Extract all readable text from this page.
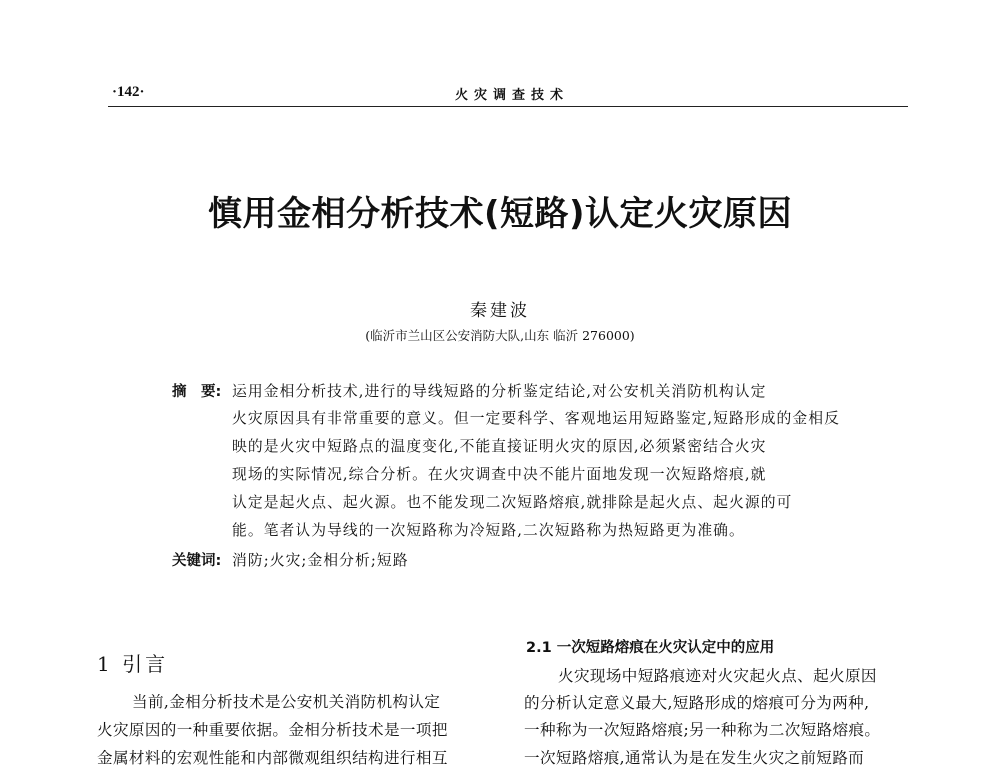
·142·	火灾调查技术
慎用金相分析技术(短路)认定火灾原因
秦建波
(临沂市兰山区公安消防大队,山东 临沂 276000)
摘　要: 运用金相分析技术,进行的导线短路的分析鉴定结论,对公安机关消防机构认定
火灾原因具有非常重要的意义。但一定要科学、客观地运用短路鉴定,短路形成的金相反
映的是火灾中短路点的温度变化,不能直接证明火灾的原因,必须紧密结合火灾
现场的实际情况,综合分析。在火灾调查中决不能片面地发现一次短路熔痕,就
认定是起火点、起火源。也不能发现二次短路熔痕,就排除是起火点、起火源的可
能。笔者认为导线的一次短路称为冷短路,二次短路称为热短路更为准确。
关键词: 消防;火灾;金相分析;短路
1 引言
当前,金相分析技术是公安机关消防机构认定
火灾原因的一种重要依据。金相分析技术是一项把
金属材料的宏观性能和内部微观组织结构进行相互
2.1 一次短路熔痕在火灾认定中的应用
火灾现场中短路痕迹对火灾起火点、起火原因
的分析认定意义最大,短路形成的熔痕可分为两种,
一种称为一次短路熔痕;另一种称为二次短路熔痕。
一次短路熔痕,通常认为是在发生火灾之前短路而
